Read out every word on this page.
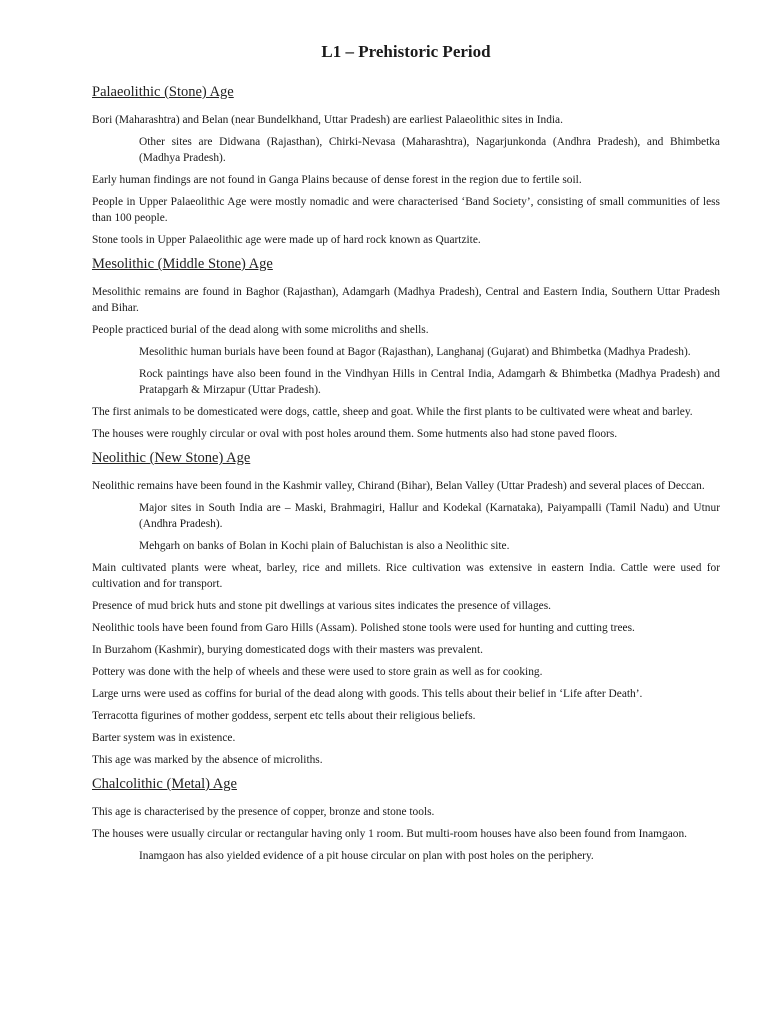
L1 – Prehistoric Period
Palaeolithic (Stone) Age

Bori (Maharashtra) and Belan (near Bundelkhand, Uttar Pradesh) are earliest Palaeolithic sites in India.

Other sites are Didwana (Rajasthan), Chirki-Nevasa (Maharashtra), Nagarjunkonda (Andhra Pradesh), and Bhimbetka (Madhya Pradesh).

Early human findings are not found in Ganga Plains because of dense forest in the region due to fertile soil.

People in Upper Palaeolithic Age were mostly nomadic and were characterised ‘Band Society’, consisting of small communities of less than 100 people.

Stone tools in Upper Palaeolithic age were made up of hard rock known as Quartzite.

Mesolithic (Middle Stone) Age

Mesolithic remains are found in Baghor (Rajasthan), Adamgarh (Madhya Pradesh), Central and Eastern India, Southern Uttar Pradesh and Bihar.

People practiced burial of the dead along with some microliths and shells.

Mesolithic human burials have been found at Bagor (Rajasthan), Langhanaj (Gujarat) and Bhimbetka (Madhya Pradesh).

Rock paintings have also been found in the Vindhyan Hills in Central India, Adamgarh & Bhimbetka (Madhya Pradesh) and Pratapgarh & Mirzapur (Uttar Pradesh).

The first animals to be domesticated were dogs, cattle, sheep and goat. While the first plants to be cultivated were wheat and barley.

The houses were roughly circular or oval with post holes around them. Some hutments also had stone paved floors.

Neolithic (New Stone) Age

Neolithic remains have been found in the Kashmir valley, Chirand (Bihar), Belan Valley (Uttar Pradesh) and several places of Deccan.

Major sites in South India are – Maski, Brahmagiri, Hallur and Kodekal (Karnataka), Paiyampalli (Tamil Nadu) and Utnur (Andhra Pradesh).

Mehgarh on banks of Bolan in Kochi plain of Baluchistan is also a Neolithic site.

Main cultivated plants were wheat, barley, rice and millets. Rice cultivation was extensive in eastern India. Cattle were used for cultivation and for transport.

Presence of mud brick huts and stone pit dwellings at various sites indicates the presence of villages.

Neolithic tools have been found from Garo Hills (Assam). Polished stone tools were used for hunting and cutting trees.

In Burzahom (Kashmir), burying domesticated dogs with their masters was prevalent.

Pottery was done with the help of wheels and these were used to store grain as well as for cooking.

Large urns were used as coffins for burial of the dead along with goods. This tells about their belief in ‘Life after Death’.

Terracotta figurines of mother goddess, serpent etc tells about their religious beliefs.

Barter system was in existence.

This age was marked by the absence of microliths.

Chalcolithic (Metal) Age

This age is characterised by the presence of copper, bronze and stone tools.

The houses were usually circular or rectangular having only 1 room. But multi-room houses have also been found from Inamgaon.

Inamgaon has also yielded evidence of a pit house circular on plan with post holes on the periphery.
